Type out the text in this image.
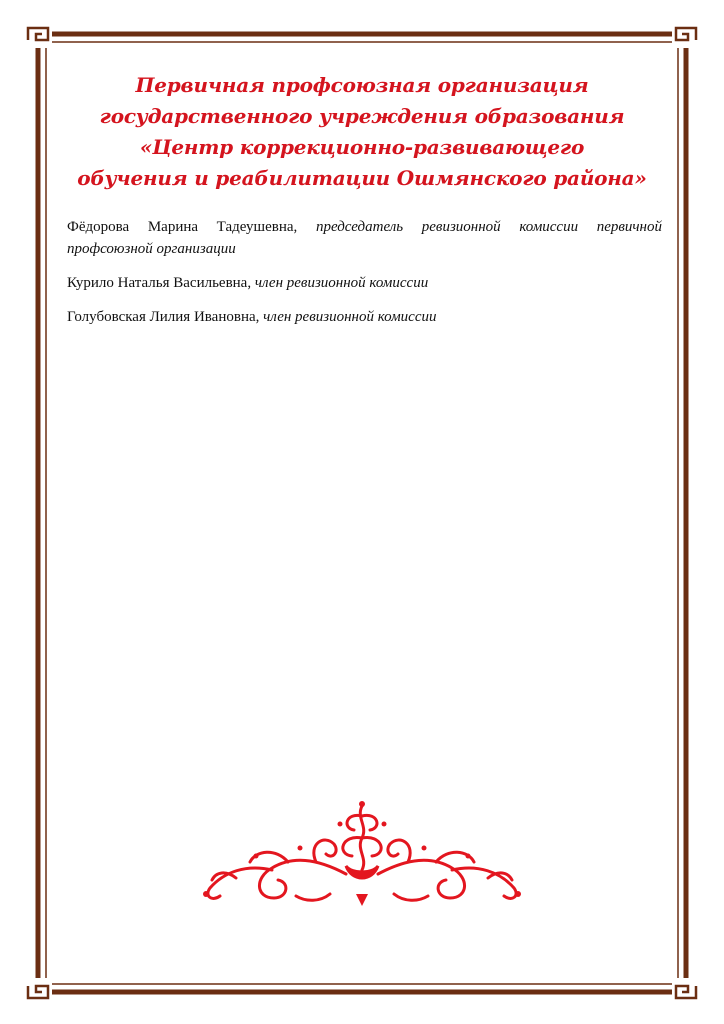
Первичная профсоюзная организация
государственного учреждения образования
«Центр коррекционно-развивающего
обучения и реабилитации Ошмянского района»

Фёдорова Марина Тадеушевна, председатель ревизионной комиссии первичной профсоюзной организации

Курило Наталья Васильевна, член ревизионной комиссии

Голубовская Лилия Ивановна, член ревизионной комиссии
